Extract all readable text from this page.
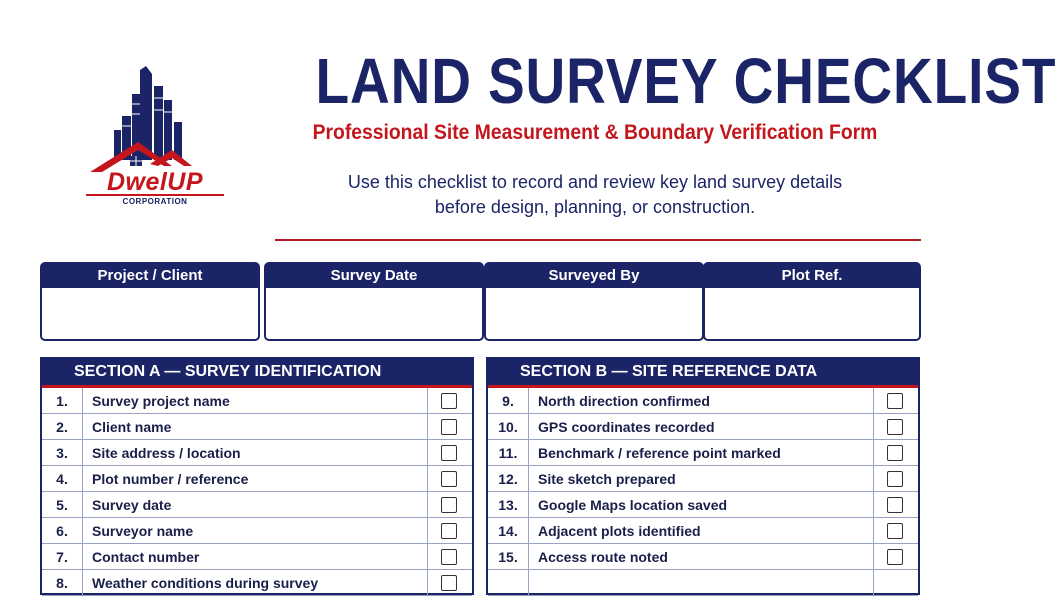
DwelUP
CORPORATION
LAND SURVEY CHECKLIST
Professional Site Measurement & Boundary Verification Form
Use this checklist to record and review key land survey details
before design, planning, or construction.
Project / Client	Survey Date	Surveyed By	Plot Ref.
SECTION A — SURVEY IDENTIFICATION
1.	Survey project name
2.	Client name
3.	Site address / location
4.	Plot number / reference
5.	Survey date
6.	Surveyor name
7.	Contact number
8.	Weather conditions during survey
SECTION B — SITE REFERENCE DATA
9.	North direction confirmed
10.	GPS coordinates recorded
11.	Benchmark / reference point marked
12.	Site sketch prepared
13.	Google Maps location saved
14.	Adjacent plots identified
15.	Access route noted
